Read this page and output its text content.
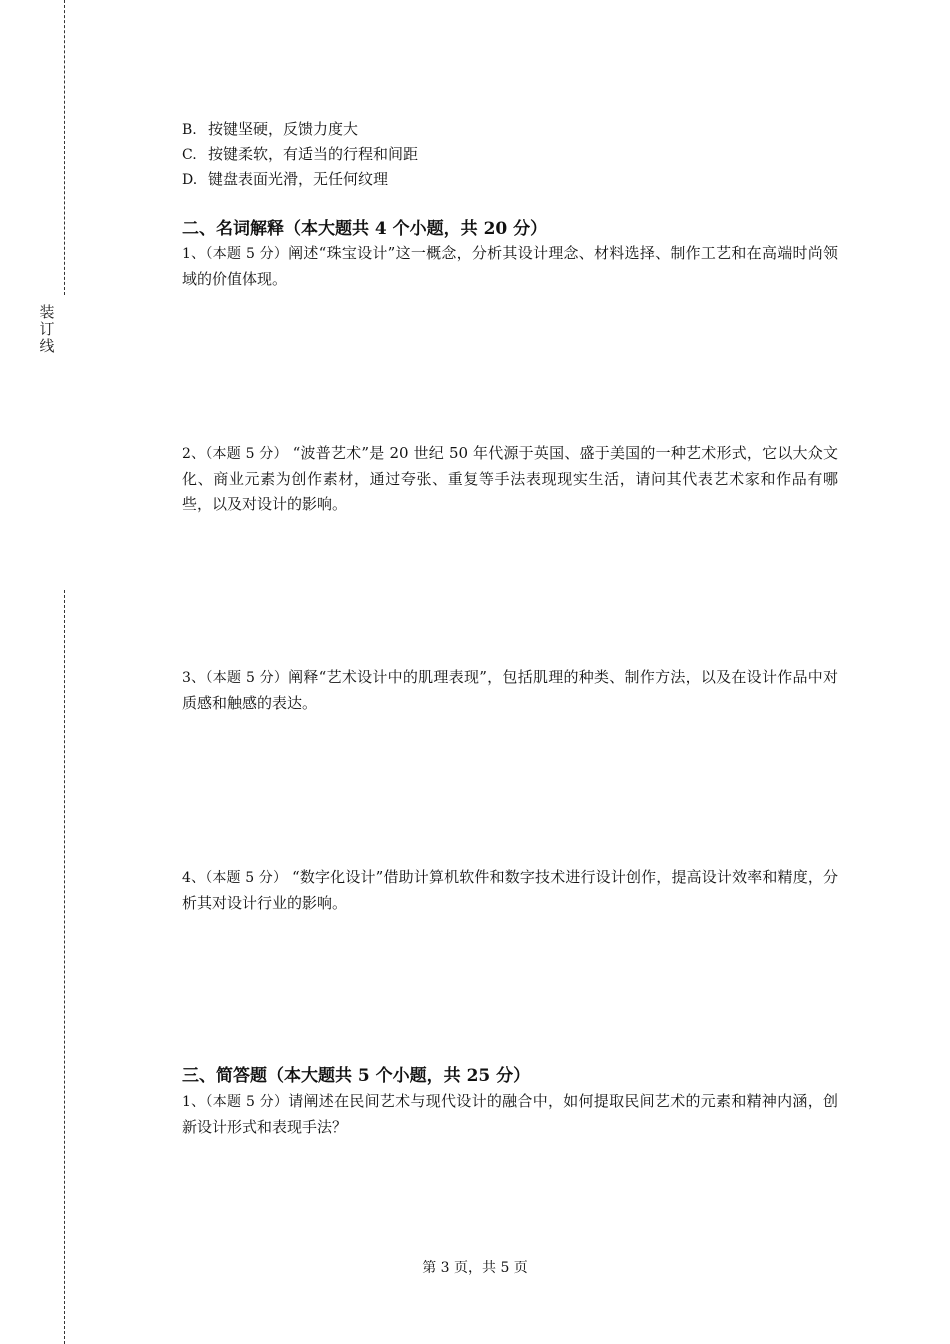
装
订
线
B. 按键坚硬，反馈力度大
C. 按键柔软，有适当的行程和间距
D. 键盘表面光滑，无任何纹理
二、名词解释（本大题共 4 个小题，共 20 分）
1、（本题 5 分）阐述“珠宝设计”这一概念，分析其设计理念、材料选择、制作工艺和在高端时尚领域的价值体现。
2、（本题 5 分） “波普艺术”是 20 世纪 50 年代源于英国、盛于美国的一种艺术形式，它以大众文化、商业元素为创作素材，通过夸张、重复等手法表现现实生活，请问其代表艺术家和作品有哪些，以及对设计的影响。
3、（本题 5 分）阐释“艺术设计中的肌理表现”，包括肌理的种类、制作方法，以及在设计作品中对质感和触感的表达。
4、（本题 5 分） “数字化设计”借助计算机软件和数字技术进行设计创作，提高设计效率和精度，分析其对设计行业的影响。
三、简答题（本大题共 5 个小题，共 25 分）
1、（本题 5 分）请阐述在民间艺术与现代设计的融合中，如何提取民间艺术的元素和精神内涵，创新设计形式和表现手法？
第 3 页，共 5 页
